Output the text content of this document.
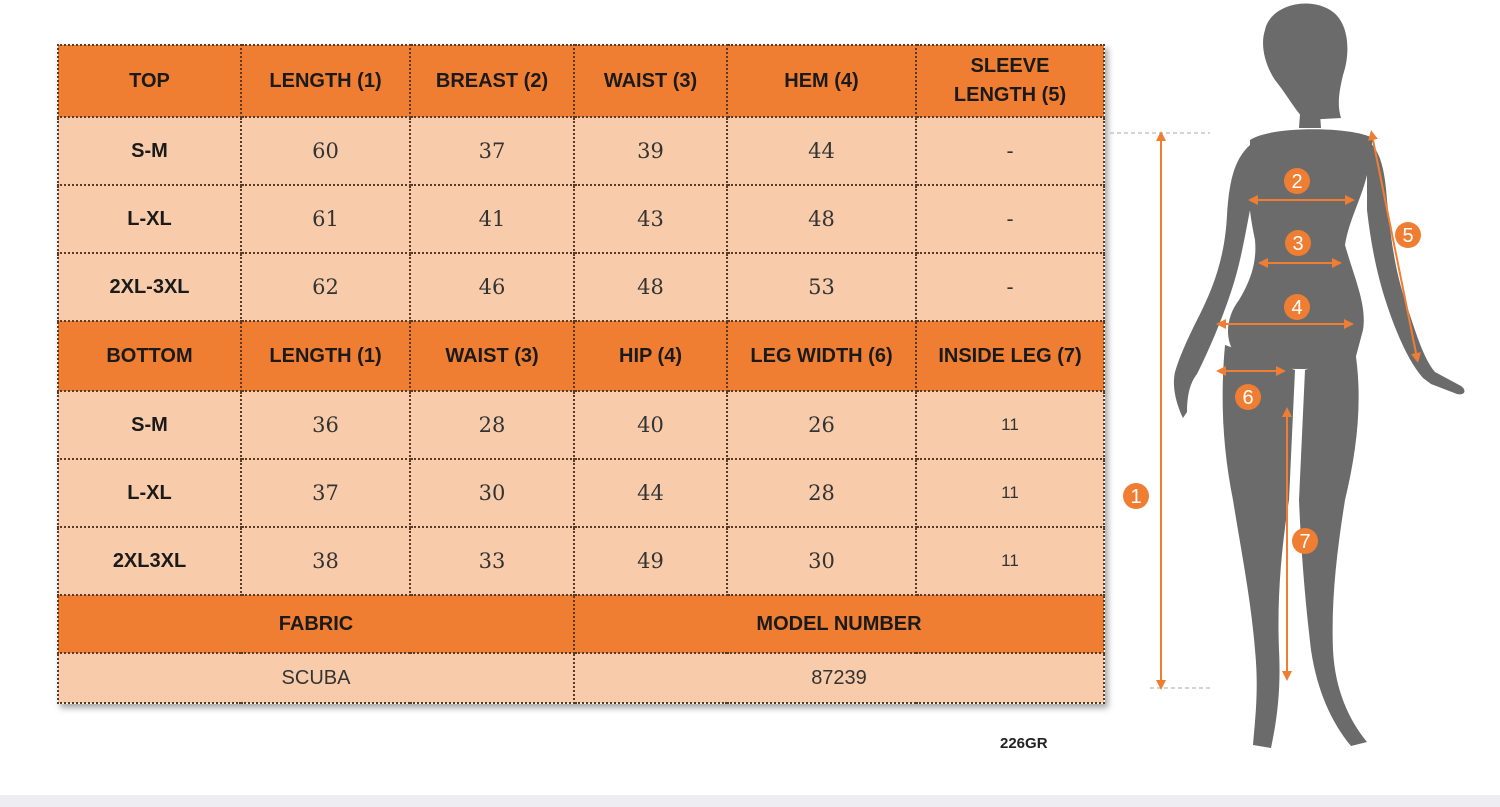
TOP	LENGTH (1)	BREAST (2)	WAIST (3)	HEM (4)	SLEEVE LENGTH (5)
S-M	60	37	39	44	-
L-XL	61	41	43	48	-
2XL-3XL	62	46	48	53	-
BOTTOM	LENGTH (1)	WAIST (3)	HIP (4)	LEG WIDTH (6)	INSIDE LEG (7)
S-M	36	28	40	26	11
L-XL	37	30	44	28	11
2XL3XL	38	33	49	30	11
FABRIC			MODEL NUMBER		
SCUBA			87239		
226GR
1
2
3
4
5
6
7
